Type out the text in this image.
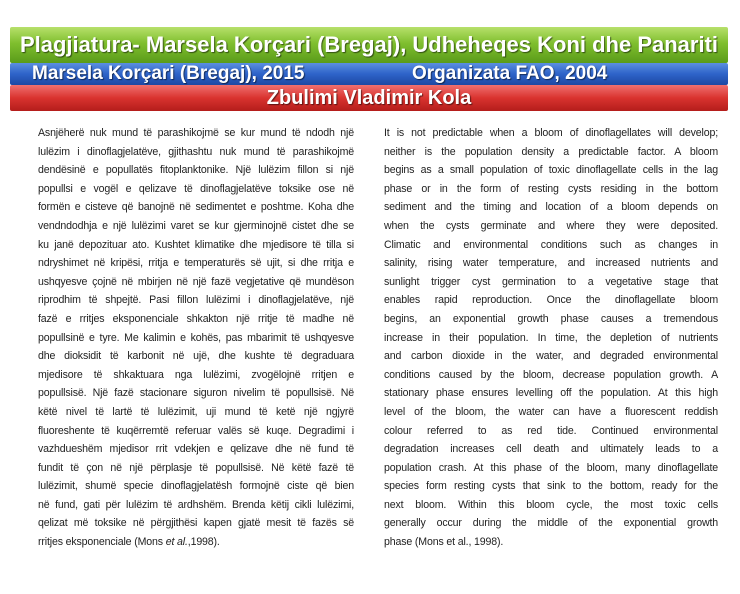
Plagjiatura- Marsela Korçari (Bregaj), Udheheqes Koni dhe Panariti
Marsela Korçari (Bregaj), 2015	Organizata FAO, 2004
Zbulimi Vladimir Kola
Asnjëherë nuk mund të parashikojmë se kur mund të ndodh një
lulëzim i dinoflagjelatëve, gjithashtu nuk mund të parashikojmë
dendësinë e popullatës fitoplanktonike. Një lulëzim fillon si një
popullsi e vogël e qelizave të dinoflagjelatëve toksike ose në
formën e cisteve që banojnë në sedimentet e poshtme. Koha dhe
vendndodhja e një lulëzimi varet se kur gjerminojnë cistet dhe se
ku janë depozituar ato. Kushtet klimatike dhe mjedisore të tilla si
ndryshimet në kripësi, rritja e temperaturës së ujit, si dhe rritja e
ushqyesve çojnë në mbirjen në një fazë vegjetative që mundëson
riprodhim të shpejtë. Pasi fillon lulëzimi i dinoflagjelatëve, një
fazë e rritjes eksponenciale shkakton një rritje të madhe në
popullsinë e tyre. Me kalimin e kohës, pas mbarimit të ushqyesve
dhe dioksidit të karbonit në ujë, dhe kushte të degraduara
mjedisore të shkaktuara nga lulëzimi, zvogëlojnë rritjen e
popullsisë. Një fazë stacionare siguron nivelim të popullsisë. Në
këtë nivel të lartë të lulëzimit, uji mund të ketë një ngjyrë
fluoreshente të kuqërremtë referuar valës së kuqe. Degradimi i
vazhdueshëm mjedisor rrit vdekjen e qelizave dhe në fund të
fundit të çon në një përplasje të popullsisë. Në këtë fazë të
lulëzimit, shumë specie dinoflagjelatësh formojnë ciste që bien
në fund, gati për lulëzim të ardhshëm. Brenda këtij cikli lulëzimi,
qelizat më toksike në përgjithësi kapen gjatë mesit të fazës së
rritjes eksponenciale (Mons et al.,1998).
It is not predictable when a bloom of dinoflagellates will develop;
neither is the population density a predictable factor. A bloom
begins as a small population of toxic dinoflagellate cells in the lag
phase or in the form of resting cysts residing in the bottom
sediment and the timing and location of a bloom depends on
when the cysts germinate and where they were deposited.
Climatic and environmental conditions such as changes in
salinity, rising water temperature, and increased nutrients and
sunlight trigger cyst germination to a vegetative stage that
enables rapid reproduction. Once the dinoflagellate bloom
begins, an exponential growth phase causes a tremendous
increase in their population. In time, the depletion of nutrients
and carbon dioxide in the water, and degraded environmental
conditions caused by the bloom, decrease population growth. A
stationary phase ensures levelling off the population. At this high
level of the bloom, the water can have a fluorescent reddish
colour referred to as red tide. Continued environmental
degradation increases cell death and ultimately leads to a
population crash. At this phase of the bloom, many dinoflagellate
species form resting cysts that sink to the bottom, ready for the
next bloom. Within this bloom cycle, the most toxic cells
generally occur during the middle of the exponential growth
phase (Mons et al., 1998).
